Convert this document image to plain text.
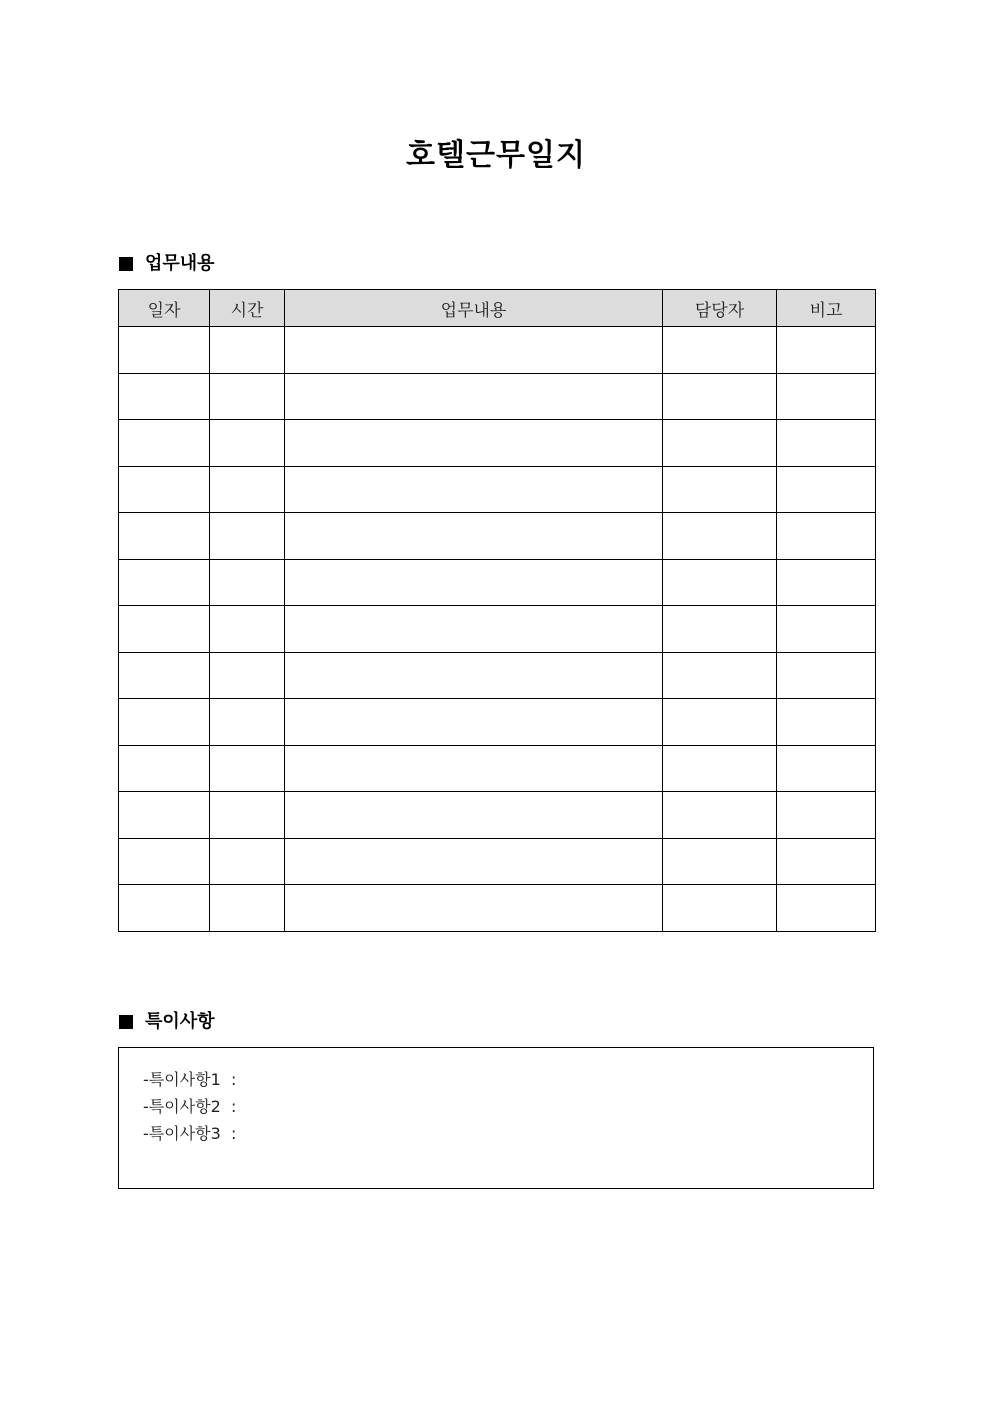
호텔근무일지
업무내용
일자	시간	업무내용	담당자	비고

특이사항
-특이사항1  :
-특이사항2  :
-특이사항3  :
